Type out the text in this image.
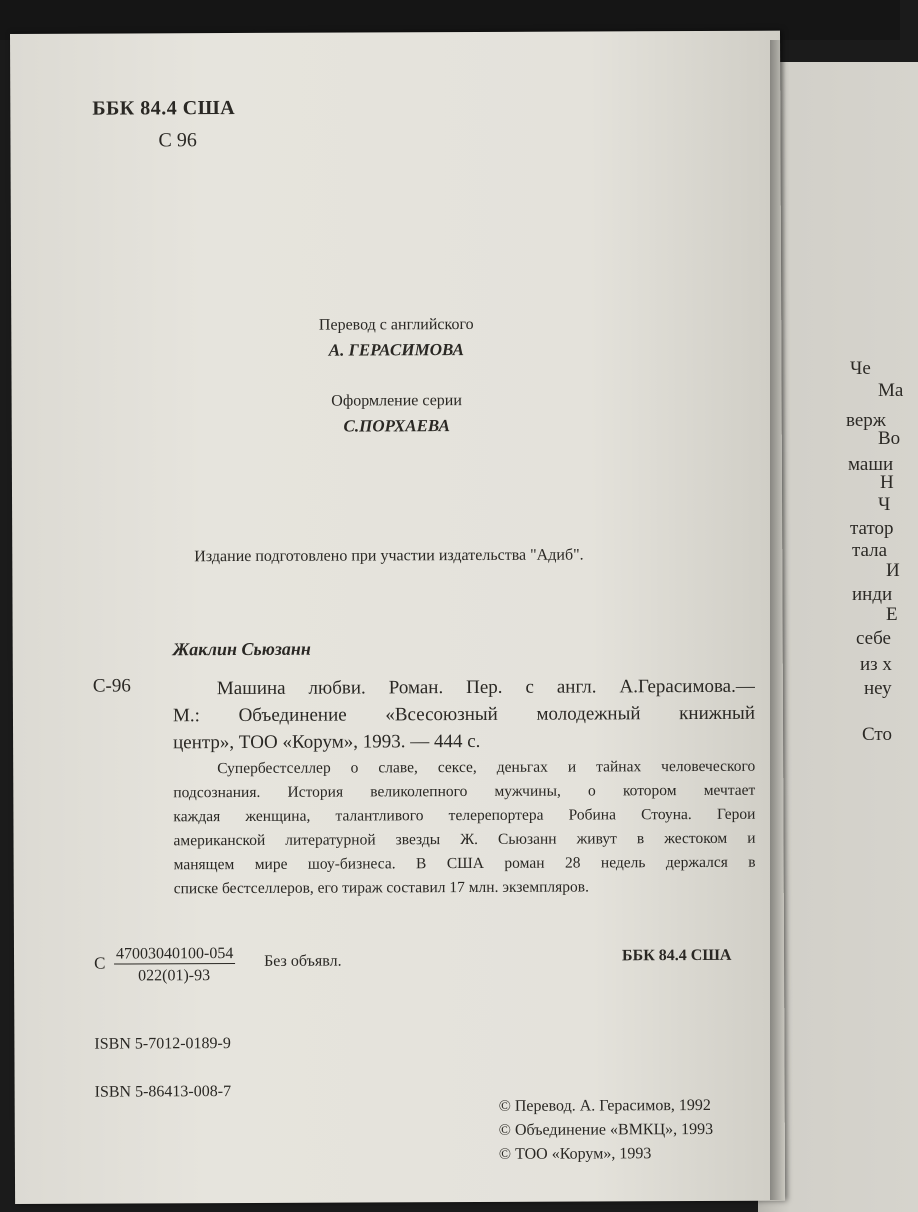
Че
Ма
верж
Во
маши
Н
Ч
татор
тала
И
инди
Е
себе
из х
неу
Сто
ББК 84.4 США
С 96
Перевод с английского
А. ГЕРАСИМОВА
Оформление серии
С.ПОРХАЕВА
Издание подготовлено при участии издательства "Адиб".
Жаклин Сьюзанн
С-96	Машина любви. Роман. Пер. с англ. А.Герасимова.—
М.: Объединение «Всесоюзный молодежный книжный
центр», ТОО «Корум», 1993. — 444 с.
Супербестселлер о славе, сексе, деньгах и тайнах человеческого
подсознания. История великолепного мужчины, о котором мечтает
каждая женщина, талантливого телерепортера Робина Стоуна. Герои
американской литературной звезды Ж. Сьюзанн живут в жестоком и
манящем мире шоу-бизнеса. В США роман 28 недель держался в
списке бестселлеров, его тираж составил 17 млн. экземпляров.
С 47003040100-054
022(01)-93
Без объявл.	ББК 84.4 США
ISBN 5-7012-0189-9
ISBN 5-86413-008-7
© Перевод. А. Герасимов, 1992
© Объединение «ВМКЦ», 1993
© ТОО «Корум», 1993
